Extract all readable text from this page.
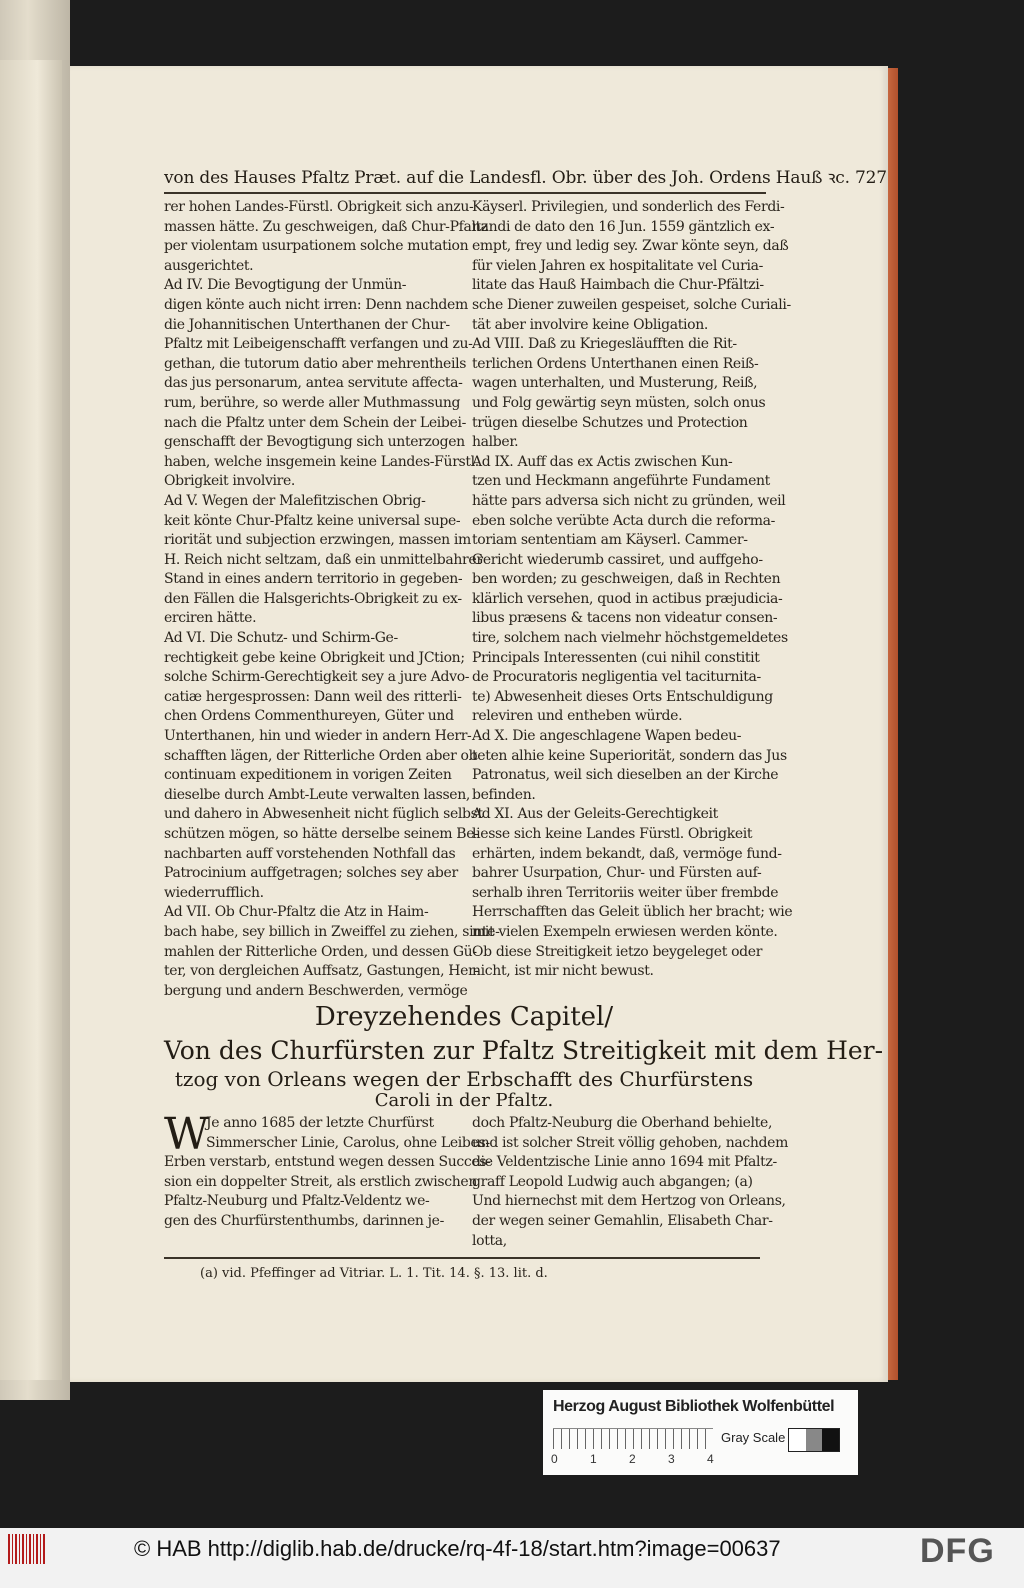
von des Hauses Pfaltz Præt. auf die Landesfl. Obr. über des Joh. Ordens Hauß ꝛc. 727

rer hohen Landes-Fürstl. Obrigkeit sich anzu-

massen hätte. Zu geschweigen, daß Chur-Pfaltz

per violentam usurpationem solche mutation

ausgerichtet.

Ad IV. Die Bevogtigung der Unmün-

digen könte auch nicht irren: Denn nachdem

die Johannitischen Unterthanen der Chur-

Pfaltz mit Leibeigenschafft verfangen und zu-

gethan, die tutorum datio aber mehrentheils

das jus personarum, antea servitute affecta-

rum, berühre, so werde aller Muthmassung

nach die Pfaltz unter dem Schein der Leibei-

genschafft der Bevogtigung sich unterzogen

haben, welche insgemein keine Landes-Fürstl.

Obrigkeit involvire.

Ad V. Wegen der Malefitzischen Obrig-

keit könte Chur-Pfaltz keine universal supe-

riorität und subjection erzwingen, massen im

H. Reich nicht seltzam, daß ein unmittelbahrer

Stand in eines andern territorio in gegeben-

den Fällen die Halsgerichts-Obrigkeit zu ex-

erciren hätte.

Ad VI. Die Schutz- und Schirm-Ge-

rechtigkeit gebe keine Obrigkeit und JCtion;

solche Schirm-Gerechtigkeit sey a jure Advo-

catiæ hergesprossen: Dann weil des ritterli-

chen Ordens Commenthureyen, Güter und

Unterthanen, hin und wieder in andern Herr-

schafften lägen, der Ritterliche Orden aber ob

continuam expeditionem in vorigen Zeiten

dieselbe durch Ambt-Leute verwalten lassen,

und dahero in Abwesenheit nicht füglich selbst

schützen mögen, so hätte derselbe seinem Be-

nachbarten auff vorstehenden Nothfall das

Patrocinium auffgetragen; solches sey aber

wiederrufflich.

Ad VII. Ob Chur-Pfaltz die Atz in Haim-

bach habe, sey billich in Zweiffel zu ziehen, sinte-

mahlen der Ritterliche Orden, und dessen Gü-

ter, von dergleichen Auffsatz, Gastungen, Her-

bergung und andern Beschwerden, vermöge

Käyserl. Privilegien, und sonderlich des Ferdi-

nandi de dato den 16 Jun. 1559 gäntzlich ex-

empt, frey und ledig sey. Zwar könte seyn, daß

für vielen Jahren ex hospitalitate vel Curia-

litate das Hauß Haimbach die Chur-Pfältzi-

sche Diener zuweilen gespeiset, solche Curiali-

tät aber involvire keine Obligation.

Ad VIII. Daß zu Kriegesläufften die Rit-

terlichen Ordens Unterthanen einen Reiß-

wagen unterhalten, und Musterung, Reiß,

und Folg gewärtig seyn müsten, solch onus

trügen dieselbe Schutzes und Protection

halber.

Ad IX. Auff das ex Actis zwischen Kun-

tzen und Heckmann angeführte Fundament

hätte pars adversa sich nicht zu gründen, weil

eben solche verübte Acta durch die reforma-

toriam sententiam am Käyserl. Cammer-

Gericht wiederumb cassiret, und auffgeho-

ben worden; zu geschweigen, daß in Rechten

klärlich versehen, quod in actibus præjudicia-

libus præsens & tacens non videatur consen-

tire, solchem nach vielmehr höchstgemeldetes

Principals Interessenten (cui nihil constitit

de Procuratoris negligentia vel taciturnita-

te) Abwesenheit dieses Orts Entschuldigung

releviren und entheben würde.

Ad X. Die angeschlagene Wapen bedeu-

teten alhie keine Superiorität, sondern das Jus

Patronatus, weil sich dieselben an der Kirche

befinden.

Ad XI. Aus der Geleits-Gerechtigkeit

liesse sich keine Landes Fürstl. Obrigkeit

erhärten, indem bekandt, daß, vermöge fund-

bahrer Usurpation, Chur- und Fürsten auf-

serhalb ihren Territoriis weiter über frembde

Herrschafften das Geleit üblich her bracht; wie

mit vielen Exempeln erwiesen werden könte.

Ob diese Streitigkeit ietzo beygeleget oder

nicht, ist mir nicht bewust.

Dreyzehendes Capitel/
Von des Churfürsten zur Pfaltz Streitigkeit mit dem Her-
tzog von Orleans wegen der Erbschafft des Churfürstens
Caroli in der Pfaltz.
W

Je anno 1685 der letzte Churfürst

Simmerscher Linie, Carolus, ohne Leibes-

Erben verstarb, entstund wegen dessen Succes-

sion ein doppelter Streit, als erstlich zwischen

Pfaltz-Neuburg und Pfaltz-Veldentz we-

gen des Churfürstenthumbs, darinnen je-

doch Pfaltz-Neuburg die Oberhand behielte,

und ist solcher Streit völlig gehoben, nachdem

die Veldentzische Linie anno 1694 mit Pfaltz-

graff Leopold Ludwig auch abgangen; (a)

Und hiernechst mit dem Hertzog von Orleans,

der wegen seiner Gemahlin, Elisabeth Char-

lotta,

(a) vid. Pfeffinger ad Vitriar. L. 1. Tit. 14. §. 13. lit. d.
Herzog August Bibliothek Wolfenbüttel
0	1	2	3	4
Gray Scale
© HAB http://diglib.hab.de/drucke/rq-4f-18/start.htm?image=00637	DFG
